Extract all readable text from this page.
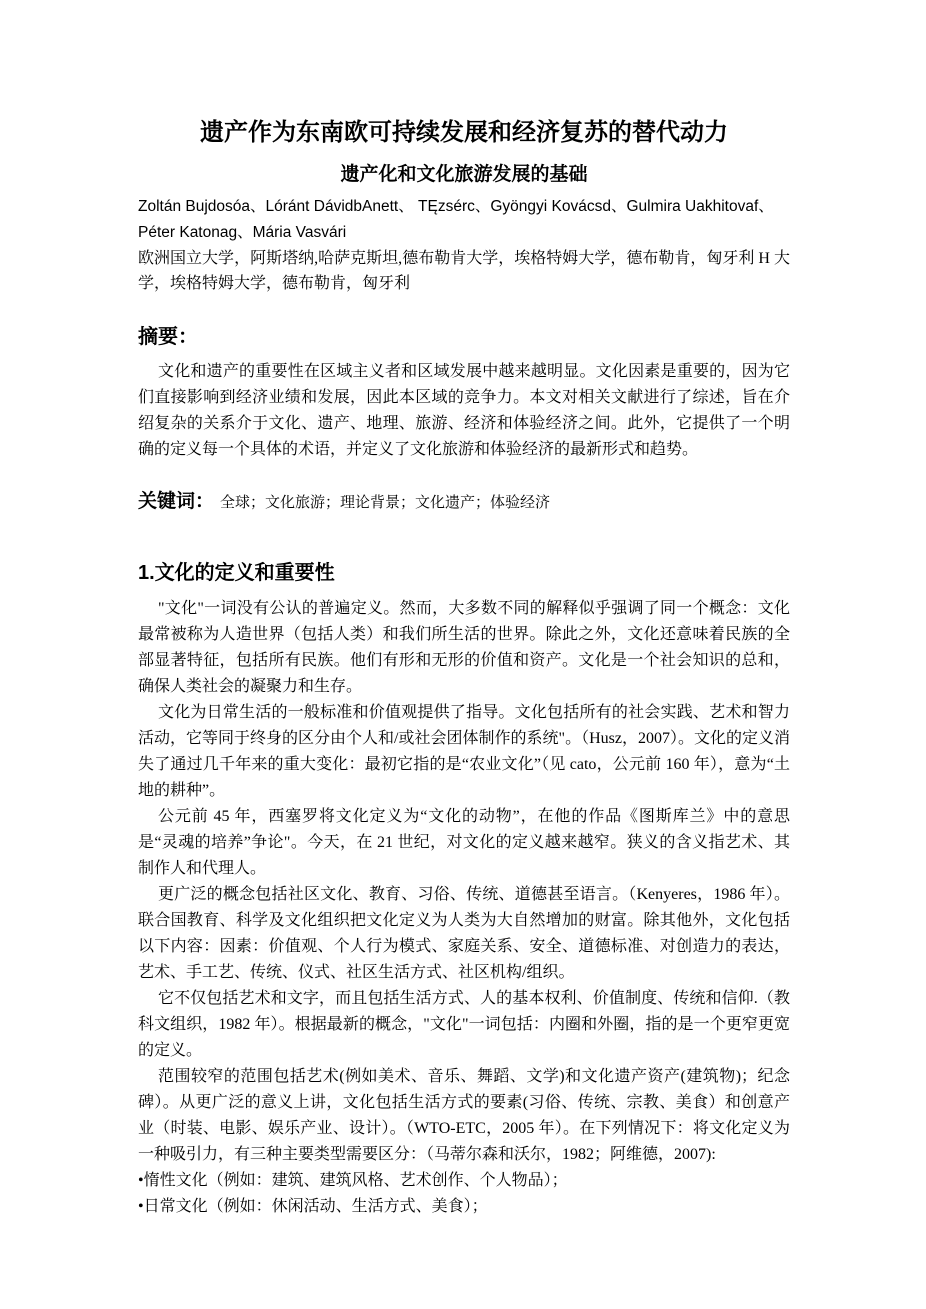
遗产作为东南欧可持续发展和经济复苏的替代动力
遗产化和文化旅游发展的基础

Zoltán Bujdosóa、Lóránt DávidbAnett、 TĘzsérc、Gyöngyi Kovácsd、Gulmira Uakhitovaf、Péter Katonag、Mária Vasvári

欧洲国立大学，阿斯塔纳,哈萨克斯坦,德布勒肯大学，埃格特姆大学，德布勒肯，匈牙利 H 大学，埃格特姆大学，德布勒肯，匈牙利

摘要：

文化和遗产的重要性在区域主义者和区域发展中越来越明显。文化因素是重要的，因为它们直接影响到经济业绩和发展，因此本区域的竞争力。本文对相关文献进行了综述，旨在介绍复杂的关系介于文化、遗产、地理、旅游、经济和体验经济之间。此外，它提供了一个明确的定义每一个具体的术语，并定义了文化旅游和体验经济的最新形式和趋势。

关键词： 全球；文化旅游；理论背景；文化遗产；体验经济

1.文化的定义和重要性

"文化"一词没有公认的普遍定义。然而，大多数不同的解释似乎强调了同一个概念：文化最常被称为人造世界（包括人类）和我们所生活的世界。除此之外，文化还意味着民族的全部显著特征，包括所有民族。他们有形和无形的价值和资产。文化是一个社会知识的总和，确保人类社会的凝聚力和生存。

文化为日常生活的一般标准和价值观提供了指导。文化包括所有的社会实践、艺术和智力活动，它等同于终身的区分由个人和/或社会团体制作的系统"。（Husz，2007）。文化的定义消失了通过几千年来的重大变化：最初它指的是“农业文化”（见 cato，公元前 160 年），意为“土地的耕种”。

公元前 45 年，西塞罗将文化定义为“文化的动物”，在他的作品《图斯库兰》中的意思是“灵魂的培养”争论"。今天，在 21 世纪，对文化的定义越来越窄。狭义的含义指艺术、其制作人和代理人。

更广泛的概念包括社区文化、教育、习俗、传统、道德甚至语言。（Kenyeres，1986 年）。联合国教育、科学及文化组织把文化定义为人类为大自然增加的财富。除其他外，文化包括以下内容：因素：价值观、个人行为模式、家庭关系、安全、道德标准、对创造力的表达，艺术、手工艺、传统、仪式、社区生活方式、社区机构/组织。

它不仅包括艺术和文字，而且包括生活方式、人的基本权利、价值制度、传统和信仰.（教科文组织，1982 年）。根据最新的概念，"文化"一词包括：内圈和外圈，指的是一个更窄更宽的定义。

范围较窄的范围包括艺术(例如美术、音乐、舞蹈、文学)和文化遗产资产(建筑物)；纪念碑）。从更广泛的意义上讲，文化包括生活方式的要素(习俗、传统、宗教、美食）和创意产业（时装、电影、娱乐产业、设计）。（WTO-ETC，2005 年）。在下列情况下：将文化定义为一种吸引力，有三种主要类型需要区分：（马蒂尔森和沃尔，1982；阿维德，2007):

•惰性文化（例如：建筑、建筑风格、艺术创作、个人物品）；

•日常文化（例如：休闲活动、生活方式、美食）；
